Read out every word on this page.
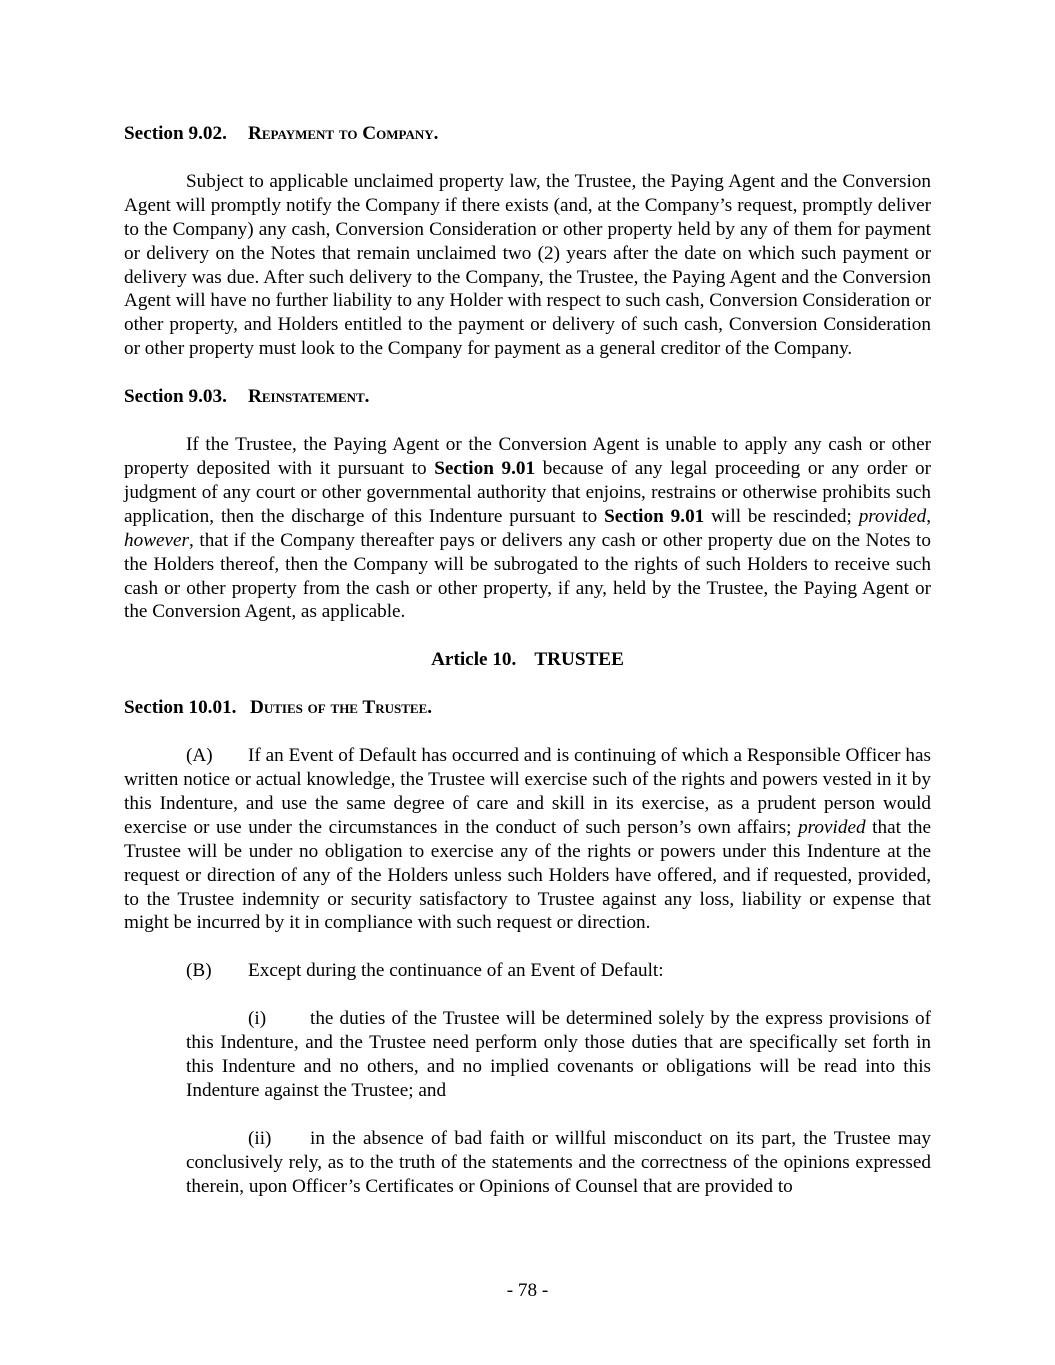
Section 9.02. Repayment to Company.

Subject to applicable unclaimed property law, the Trustee, the Paying Agent and the Conversion Agent will promptly notify the Company if there exists (and, at the Company’s request, promptly deliver to the Company) any cash, Conversion Consideration or other property held by any of them for payment or delivery on the Notes that remain unclaimed two (2) years after the date on which such payment or delivery was due. After such delivery to the Company, the Trustee, the Paying Agent and the Conversion Agent will have no further liability to any Holder with respect to such cash, Conversion Consideration or other property, and Holders entitled to the payment or delivery of such cash, Conversion Consideration or other property must look to the Company for payment as a general creditor of the Company.

Section 9.03. Reinstatement.

If the Trustee, the Paying Agent or the Conversion Agent is unable to apply any cash or other property deposited with it pursuant to Section 9.01 because of any legal proceeding or any order or judgment of any court or other governmental authority that enjoins, restrains or otherwise prohibits such application, then the discharge of this Indenture pursuant to Section 9.01 will be rescinded; provided, however, that if the Company thereafter pays or delivers any cash or other property due on the Notes to the Holders thereof, then the Company will be subrogated to the rights of such Holders to receive such cash or other property from the cash or other property, if any, held by the Trustee, the Paying Agent or the Conversion Agent, as applicable.

Article 10. TRUSTEE

Section 10.01. Duties of the Trustee.

(A) If an Event of Default has occurred and is continuing of which a Responsible Officer has written notice or actual knowledge, the Trustee will exercise such of the rights and powers vested in it by this Indenture, and use the same degree of care and skill in its exercise, as a prudent person would exercise or use under the circumstances in the conduct of such person’s own affairs; provided that the Trustee will be under no obligation to exercise any of the rights or powers under this Indenture at the request or direction of any of the Holders unless such Holders have offered, and if requested, provided, to the Trustee indemnity or security satisfactory to Trustee against any loss, liability or expense that might be incurred by it in compliance with such request or direction.

(B) Except during the continuance of an Event of Default:

(i) the duties of the Trustee will be determined solely by the express provisions of this Indenture, and the Trustee need perform only those duties that are specifically set forth in this Indenture and no others, and no implied covenants or obligations will be read into this Indenture against the Trustee; and

(ii) in the absence of bad faith or willful misconduct on its part, the Trustee may conclusively rely, as to the truth of the statements and the correctness of the opinions expressed therein, upon Officer’s Certificates or Opinions of Counsel that are provided to

- 78 -
